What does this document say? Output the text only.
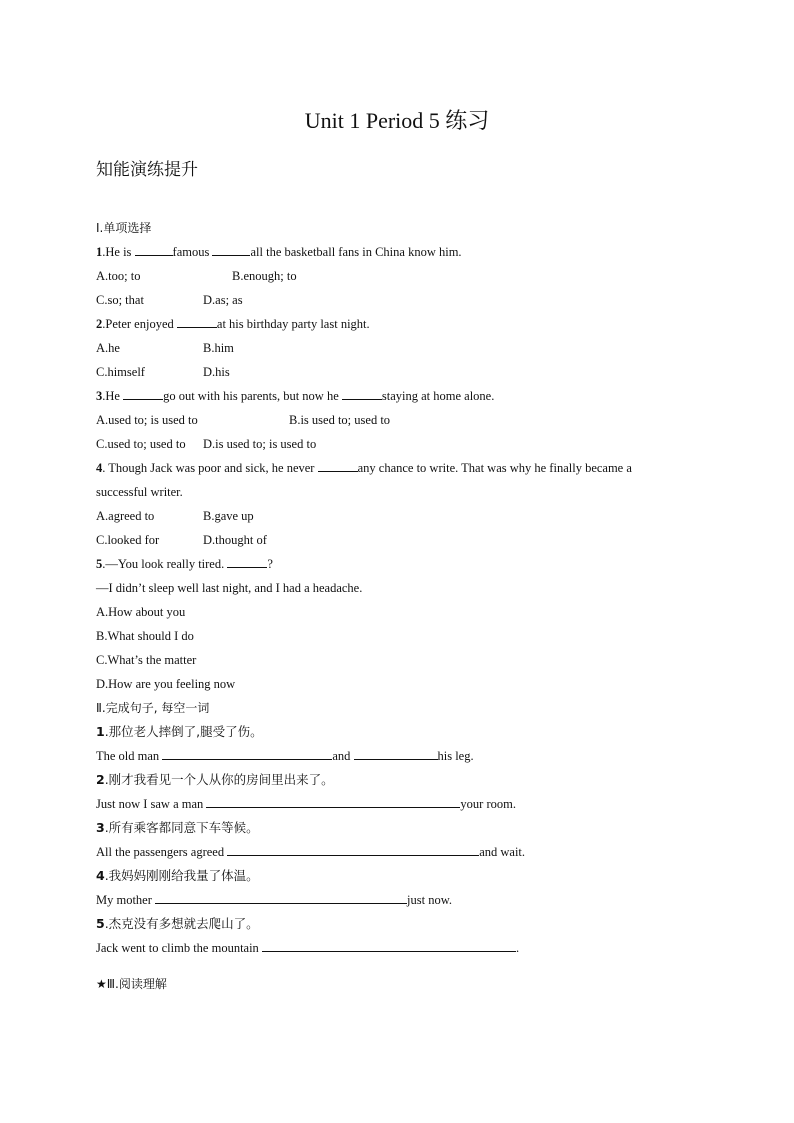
Unit 1 Period 5 练习
知能演练提升
Ⅰ.单项选择
1.He is	famous	all the basketball fans in China know him.
A.too; to	B.enough; to
C.so; that	D.as; as
2.Peter enjoyed	at his birthday party last night.
A.he	B.him
C.himself	D.his
3.He	go out with his parents, but now he	staying at home alone.
A.used to; is used to	B.is used to; used to
C.used to; used to D.is used to; is used to
4. Though Jack was poor and sick, he never	any chance to write. That was why he finally became a
successful writer.
A.agreed to	B.gave up
C.looked for	D.thought of
5.—You look really tired.	?
—I didn’t sleep well last night, and I had a headache.
A.How about you
B.What should I do
C.What’s the matter
D.How are you feeling now
Ⅱ.完成句子, 每空一词
1.那位老人摔倒了,腿受了伤。
The old man	and	his leg.
2.刚才我看见一个人从你的房间里出来了。
Just now I saw a man	your room.
3.所有乘客都同意下车等候。
All the passengers agreed	and wait.
4.我妈妈刚刚给我量了体温。
My mother	just now.
5.杰克没有多想就去爬山了。
Jack went to climb the mountain	.
★Ⅲ.阅读理解
